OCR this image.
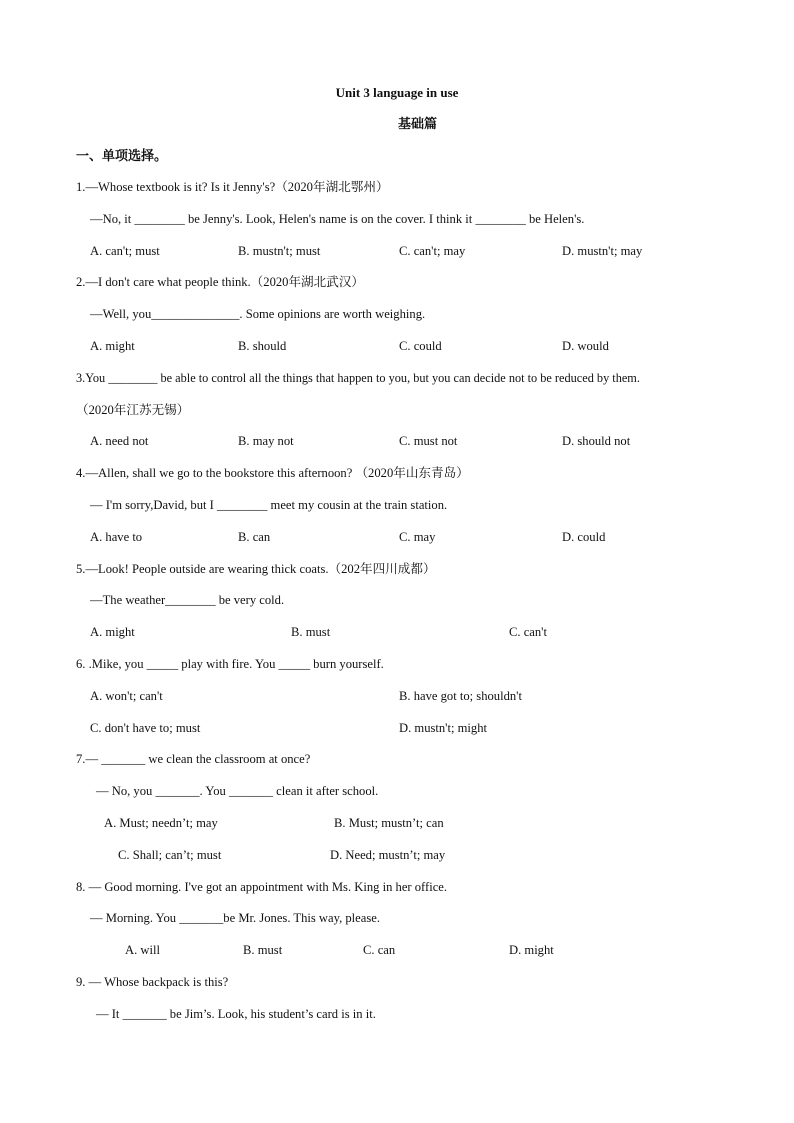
Unit 3 language in use
基础篇
一、单项选择。
1.—Whose textbook is it? Is it Jenny's?（2020年湖北鄂州）
—No, it ________ be Jenny's. Look, Helen's name is on the cover. I think it ________ be Helen's.
A. can't; must	B. mustn't; must	C. can't; may	D. mustn't; may
2.—I don't care what people think.（2020年湖北武汉）
—Well, you______________. Some opinions are worth weighing.
A. might	B. should	C. could	D. would
3.You ________ be able to control all the things that happen to you, but you can decide not to be reduced by them.
（2020年江苏无锡）
A. need not	B. may not	C. must not	D. should not
4.—Allen, shall we go to the bookstore this afternoon? （2020年山东青岛）
— I'm sorry,David, but I ________ meet my cousin at the train station.
A. have to	B. can	C. may	D. could
5.—Look! People outside are wearing thick coats.（202年四川成都）
—The weather________ be very cold.
A. might	B. must	C. can't
6. .Mike, you _____ play with fire. You _____ burn yourself.
A. won't; can't	B. have got to; shouldn't
C. don't have to; must	D. mustn't; might
7.— _______ we clean the classroom at once?
— No, you _______. You _______ clean it after school.
A. Must; needn’t; may	B. Must; mustn’t; can
C. Shall; can’t; must	D. Need; mustn’t; may
8. — Good morning. I've got an appointment with Ms. King in her office.
— Morning. You _______be Mr. Jones. This way, please.
A. will	B. must	C. can	D. might
9. — Whose backpack is this?
— It _______ be Jim’s. Look, his student’s card is in it.
